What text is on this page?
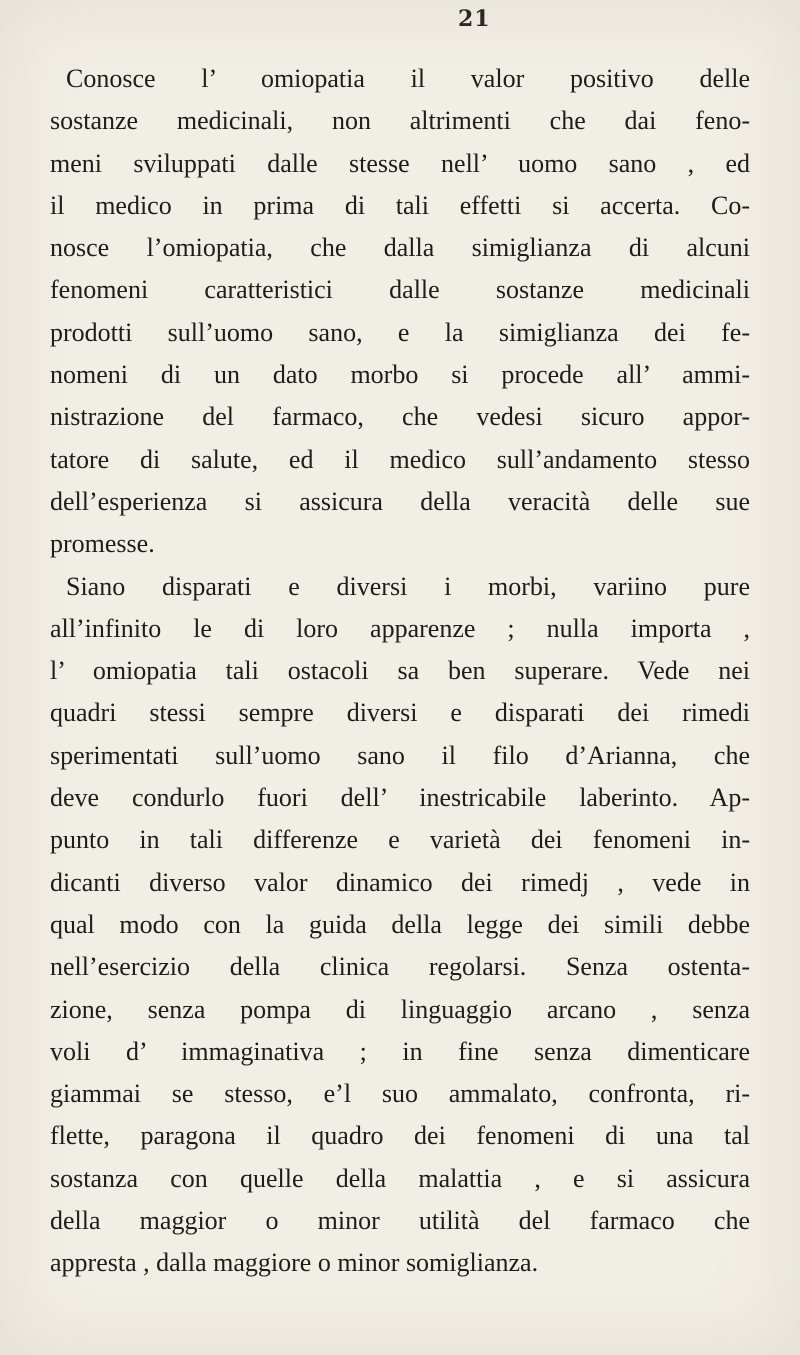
21
Conosce l’ omiopatia il valor positivo delle
sostanze medicinali, non altrimenti che dai feno-
meni sviluppati dalle stesse nell’ uomo sano , ed
il medico in prima di tali effetti si accerta. Co-
nosce l’omiopatia, che dalla simiglianza di alcuni
fenomeni caratteristici dalle sostanze medicinali
prodotti sull’uomo sano, e la simiglianza dei fe-
nomeni di un dato morbo si procede all’ ammi-
nistrazione del farmaco, che vedesi sicuro appor-
tatore di salute, ed il medico sull’andamento stesso
dell’esperienza si assicura della veracità delle sue
promesse.
Siano disparati e diversi i morbi, variino pure
all’infinito le di loro apparenze ; nulla importa ,
l’ omiopatia tali ostacoli sa ben superare. Vede nei
quadri stessi sempre diversi e disparati dei rimedi
sperimentati sull’uomo sano il filo d’Arianna, che
deve condurlo fuori dell’ inestricabile laberinto. Ap-
punto in tali differenze e varietà dei fenomeni in-
dicanti diverso valor dinamico dei rimedj , vede in
qual modo con la guida della legge dei simili debbe
nell’esercizio della clinica regolarsi. Senza ostenta-
zione, senza pompa di linguaggio arcano , senza
voli d’ immaginativa ; in fine senza dimenticare
giammai se stesso, e’l suo ammalato, confronta, ri-
flette, paragona il quadro dei fenomeni di una tal
sostanza con quelle della malattia , e si assicura
della maggior o minor utilità del farmaco che
appresta , dalla maggiore o minor somiglianza.
